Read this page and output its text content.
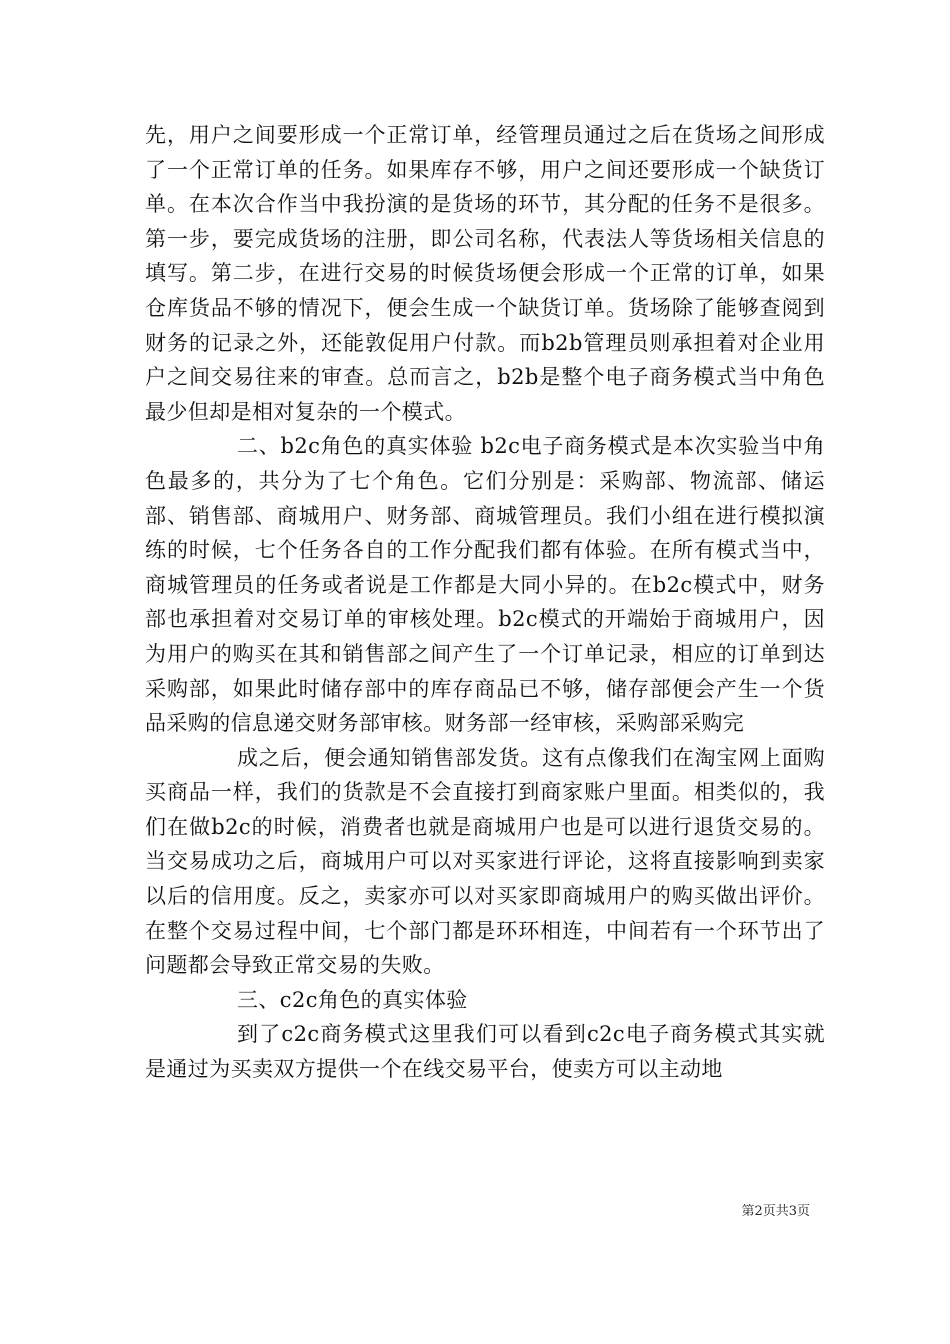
先，用户之间要形成一个正常订单，经管理员通过之后在货场之间形成了一个正常订单的任务。如果库存不够，用户之间还要形成一个缺货订单。在本次合作当中我扮演的是货场的环节，其分配的任务不是很多。第一步，要完成货场的注册，即公司名称，代表法人等货场相关信息的填写。第二步，在进行交易的时候货场便会形成一个正常的订单，如果仓库货品不够的情况下，便会生成一个缺货订单。货场除了能够查阅到财务的记录之外，还能敦促用户付款。而b2b管理员则承担着对企业用户之间交易往来的审查。总而言之，b2b是整个电子商务模式当中角色最少但却是相对复杂的一个模式。

二、b2c角色的真实体验 b2c电子商务模式是本次实验当中角色最多的，共分为了七个角色。它们分别是：采购部、物流部、储运部、销售部、商城用户、财务部、商城管理员。我们小组在进行模拟演练的时候，七个任务各自的工作分配我们都有体验。在所有模式当中，商城管理员的任务或者说是工作都是大同小异的。在b2c模式中，财务部也承担着对交易订单的审核处理。b2c模式的开端始于商城用户，因为用户的购买在其和销售部之间产生了一个订单记录，相应的订单到达采购部，如果此时储存部中的库存商品已不够，储存部便会产生一个货品采购的信息递交财务部审核。财务部一经审核，采购部采购完

成之后，便会通知销售部发货。这有点像我们在淘宝网上面购买商品一样，我们的货款是不会直接打到商家账户里面。相类似的，我们在做b2c的时候，消费者也就是商城用户也是可以进行退货交易的。当交易成功之后，商城用户可以对买家进行评论，这将直接影响到卖家以后的信用度。反之，卖家亦可以对买家即商城用户的购买做出评价。在整个交易过程中间，七个部门都是环环相连，中间若有一个环节出了问题都会导致正常交易的失败。

三、c2c角色的真实体验

到了c2c商务模式这里我们可以看到c2c电子商务模式其实就是通过为买卖双方提供一个在线交易平台，使卖方可以主动地

第2页共3页
